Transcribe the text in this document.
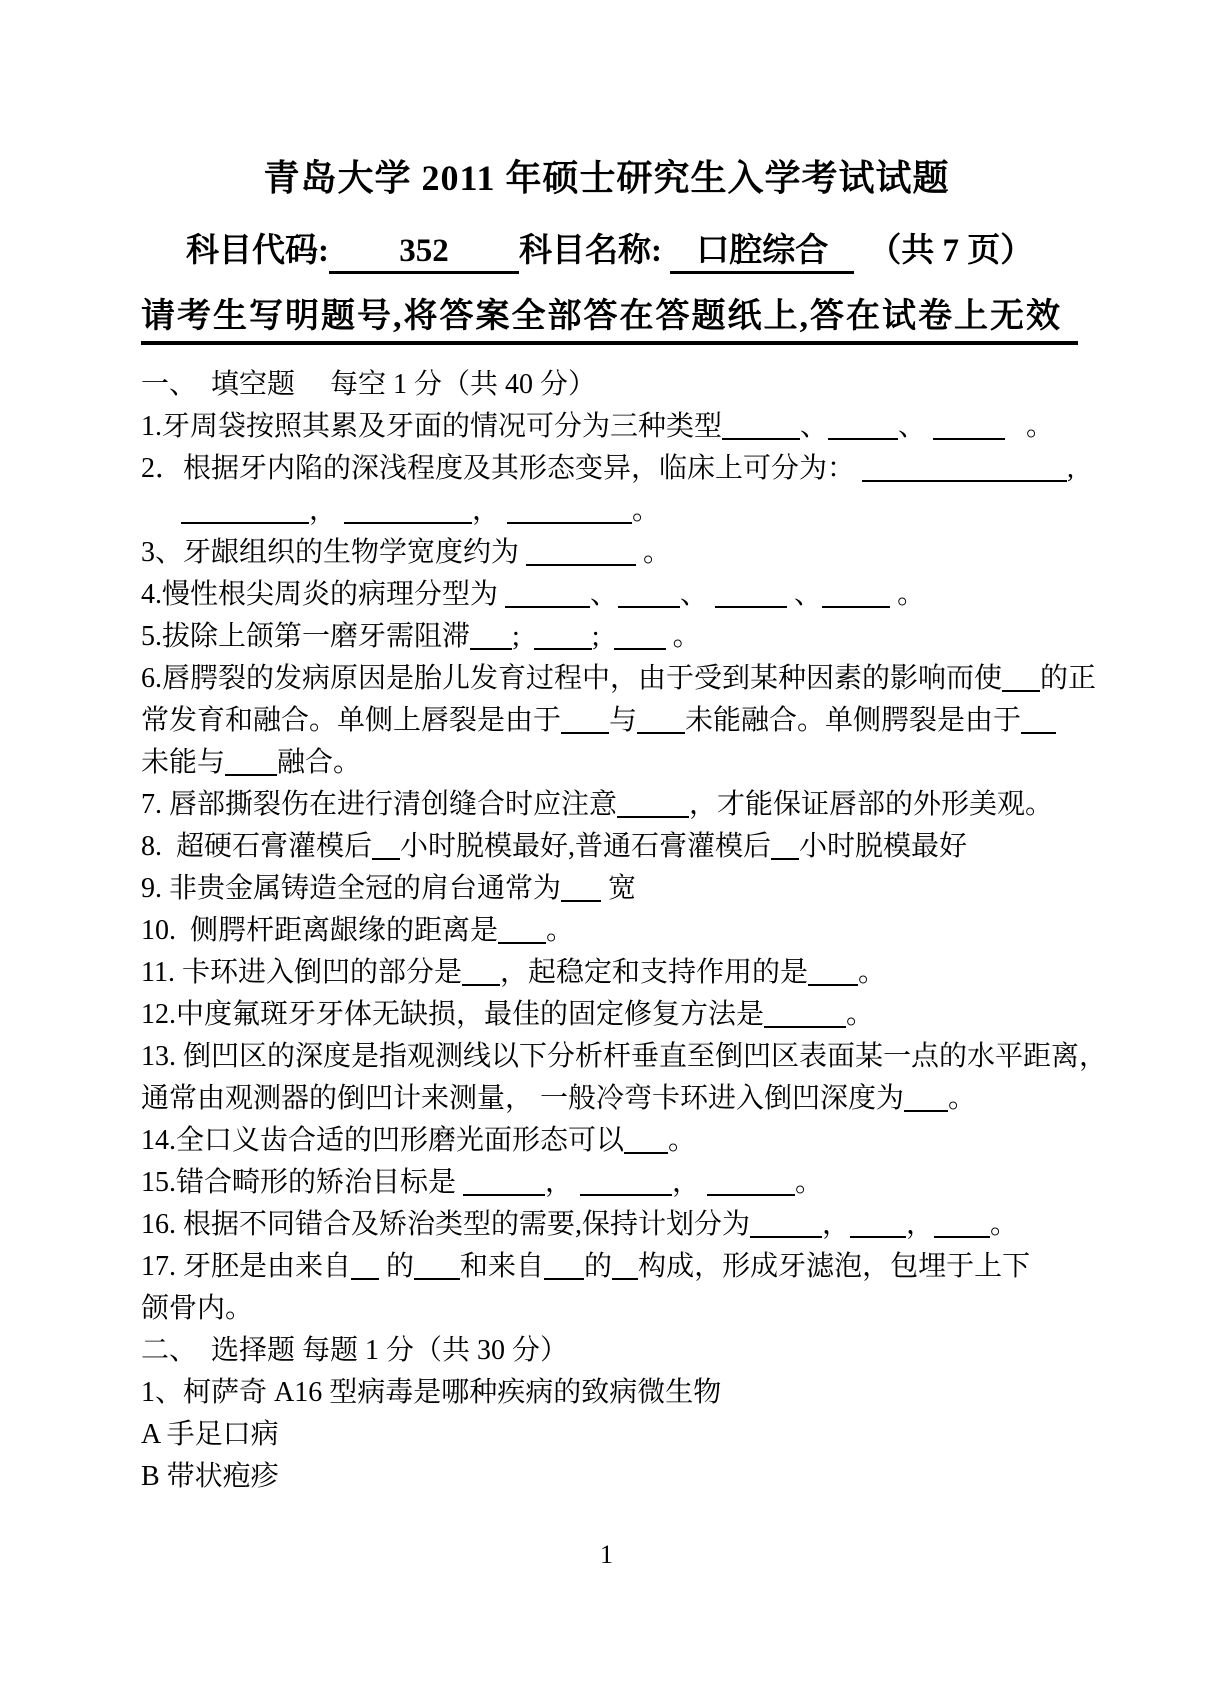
青岛大学 2011 年硕士研究生入学考试试题
科目代码: 352 科目名称: 口腔综合 （共 7 页）
请考生写明题号,将答案全部答在答题纸上,答在试卷上无效
一、　填空题　 每空 1 分（共 40 分）
1.牙周袋按照其累及牙面的情况可分为三种类型	、	、	。
2．根据牙内陷的深浅程度及其形态变异，临床上可分为：	,
，	，	。
3、牙龈组织的生物学宽度约为	。
4.慢性根尖周炎的病理分型为	、 、	、 。
5.拔除上颌第一磨牙需阻滞 ;  ;   。
6.唇腭裂的发病原因是胎儿发育过程中，由于受到某种因素的影响而使 的正
常发育和融合。单侧上唇裂是由于 与 未能融合。单侧腭裂是由于
未能与 融合。
7. 唇部撕裂伤在进行清创缝合时应注意	，才能保证唇部的外形美观。
8.  超硬石膏灌模后 小时脱模最好,普通石膏灌模后 小时脱模最好
9. 非贵金属铸造全冠的肩台通常为 宽
10.  侧腭杆距离龈缘的距离是 。
11. 卡环进入倒凹的部分是 ，起稳定和支持作用的是 。
12.中度氟斑牙牙体无缺损，最佳的固定修复方法是	。
13. 倒凹区的深度是指观测线以下分析杆垂直至倒凹区表面某一点的水平距离，
通常由观测器的倒凹计来测量， 一般冷弯卡环进入倒凹深度为 。
14.全口义齿合适的凹形磨光面形态可以 。
15.错合畸形的矫治目标是	，	，	。
16. 根据不同错合及矫治类型的需要,保持计划分为	， ， 。
17. 牙胚是由来自 的 和来自 的 构成，形成牙滤泡，包埋于上下
颌骨内。
二、　选择题 每题 1 分（共 30 分）
1、柯萨奇 A16 型病毒是哪种疾病的致病微生物
A 手足口病
B 带状疱疹
1
